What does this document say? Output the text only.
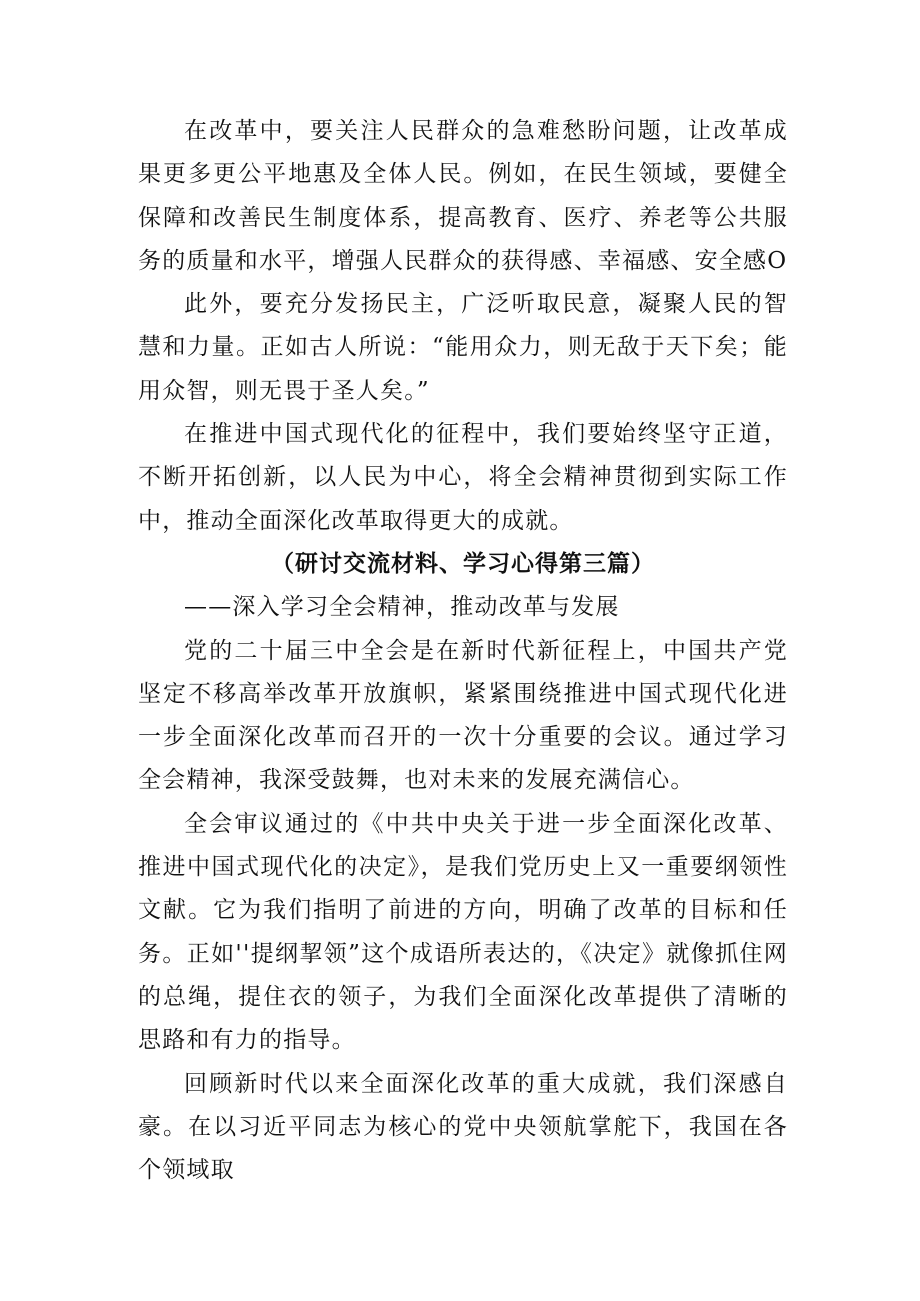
在改革中，要关注人民群众的急难愁盼问题，让改革成果更多更公平地惠及全体人民。例如，在民生领域，要健全保障和改善民生制度体系，提高教育、医疗、养老等公共服务的质量和水平，增强人民群众的获得感、幸福感、安全感O

此外，要充分发扬民主，广泛听取民意，凝聚人民的智慧和力量。正如古人所说：“能用众力，则无敌于天下矣；能用众智，则无畏于圣人矣。”

在推进中国式现代化的征程中，我们要始终坚守正道，不断开拓创新，以人民为中心，将全会精神贯彻到实际工作中，推动全面深化改革取得更大的成就。

（研讨交流材料、学习心得第三篇）

——深入学习全会精神，推动改革与发展

党的二十届三中全会是在新时代新征程上，中国共产党坚定不移高举改革开放旗帜，紧紧围绕推进中国式现代化进一步全面深化改革而召开的一次十分重要的会议。通过学习全会精神，我深受鼓舞，也对未来的发展充满信心。

全会审议通过的《中共中央关于进一步全面深化改革、推进中国式现代化的决定》，是我们党历史上又一重要纲领性文献。它为我们指明了前进的方向，明确了改革的目标和任务。正如''提纲挈领”这个成语所表达的，《决定》就像抓住网的总绳，提住衣的领子，为我们全面深化改革提供了清晰的思路和有力的指导。

回顾新时代以来全面深化改革的重大成就，我们深感自豪。在以习近平同志为核心的党中央领航掌舵下，我国在各个领域取
